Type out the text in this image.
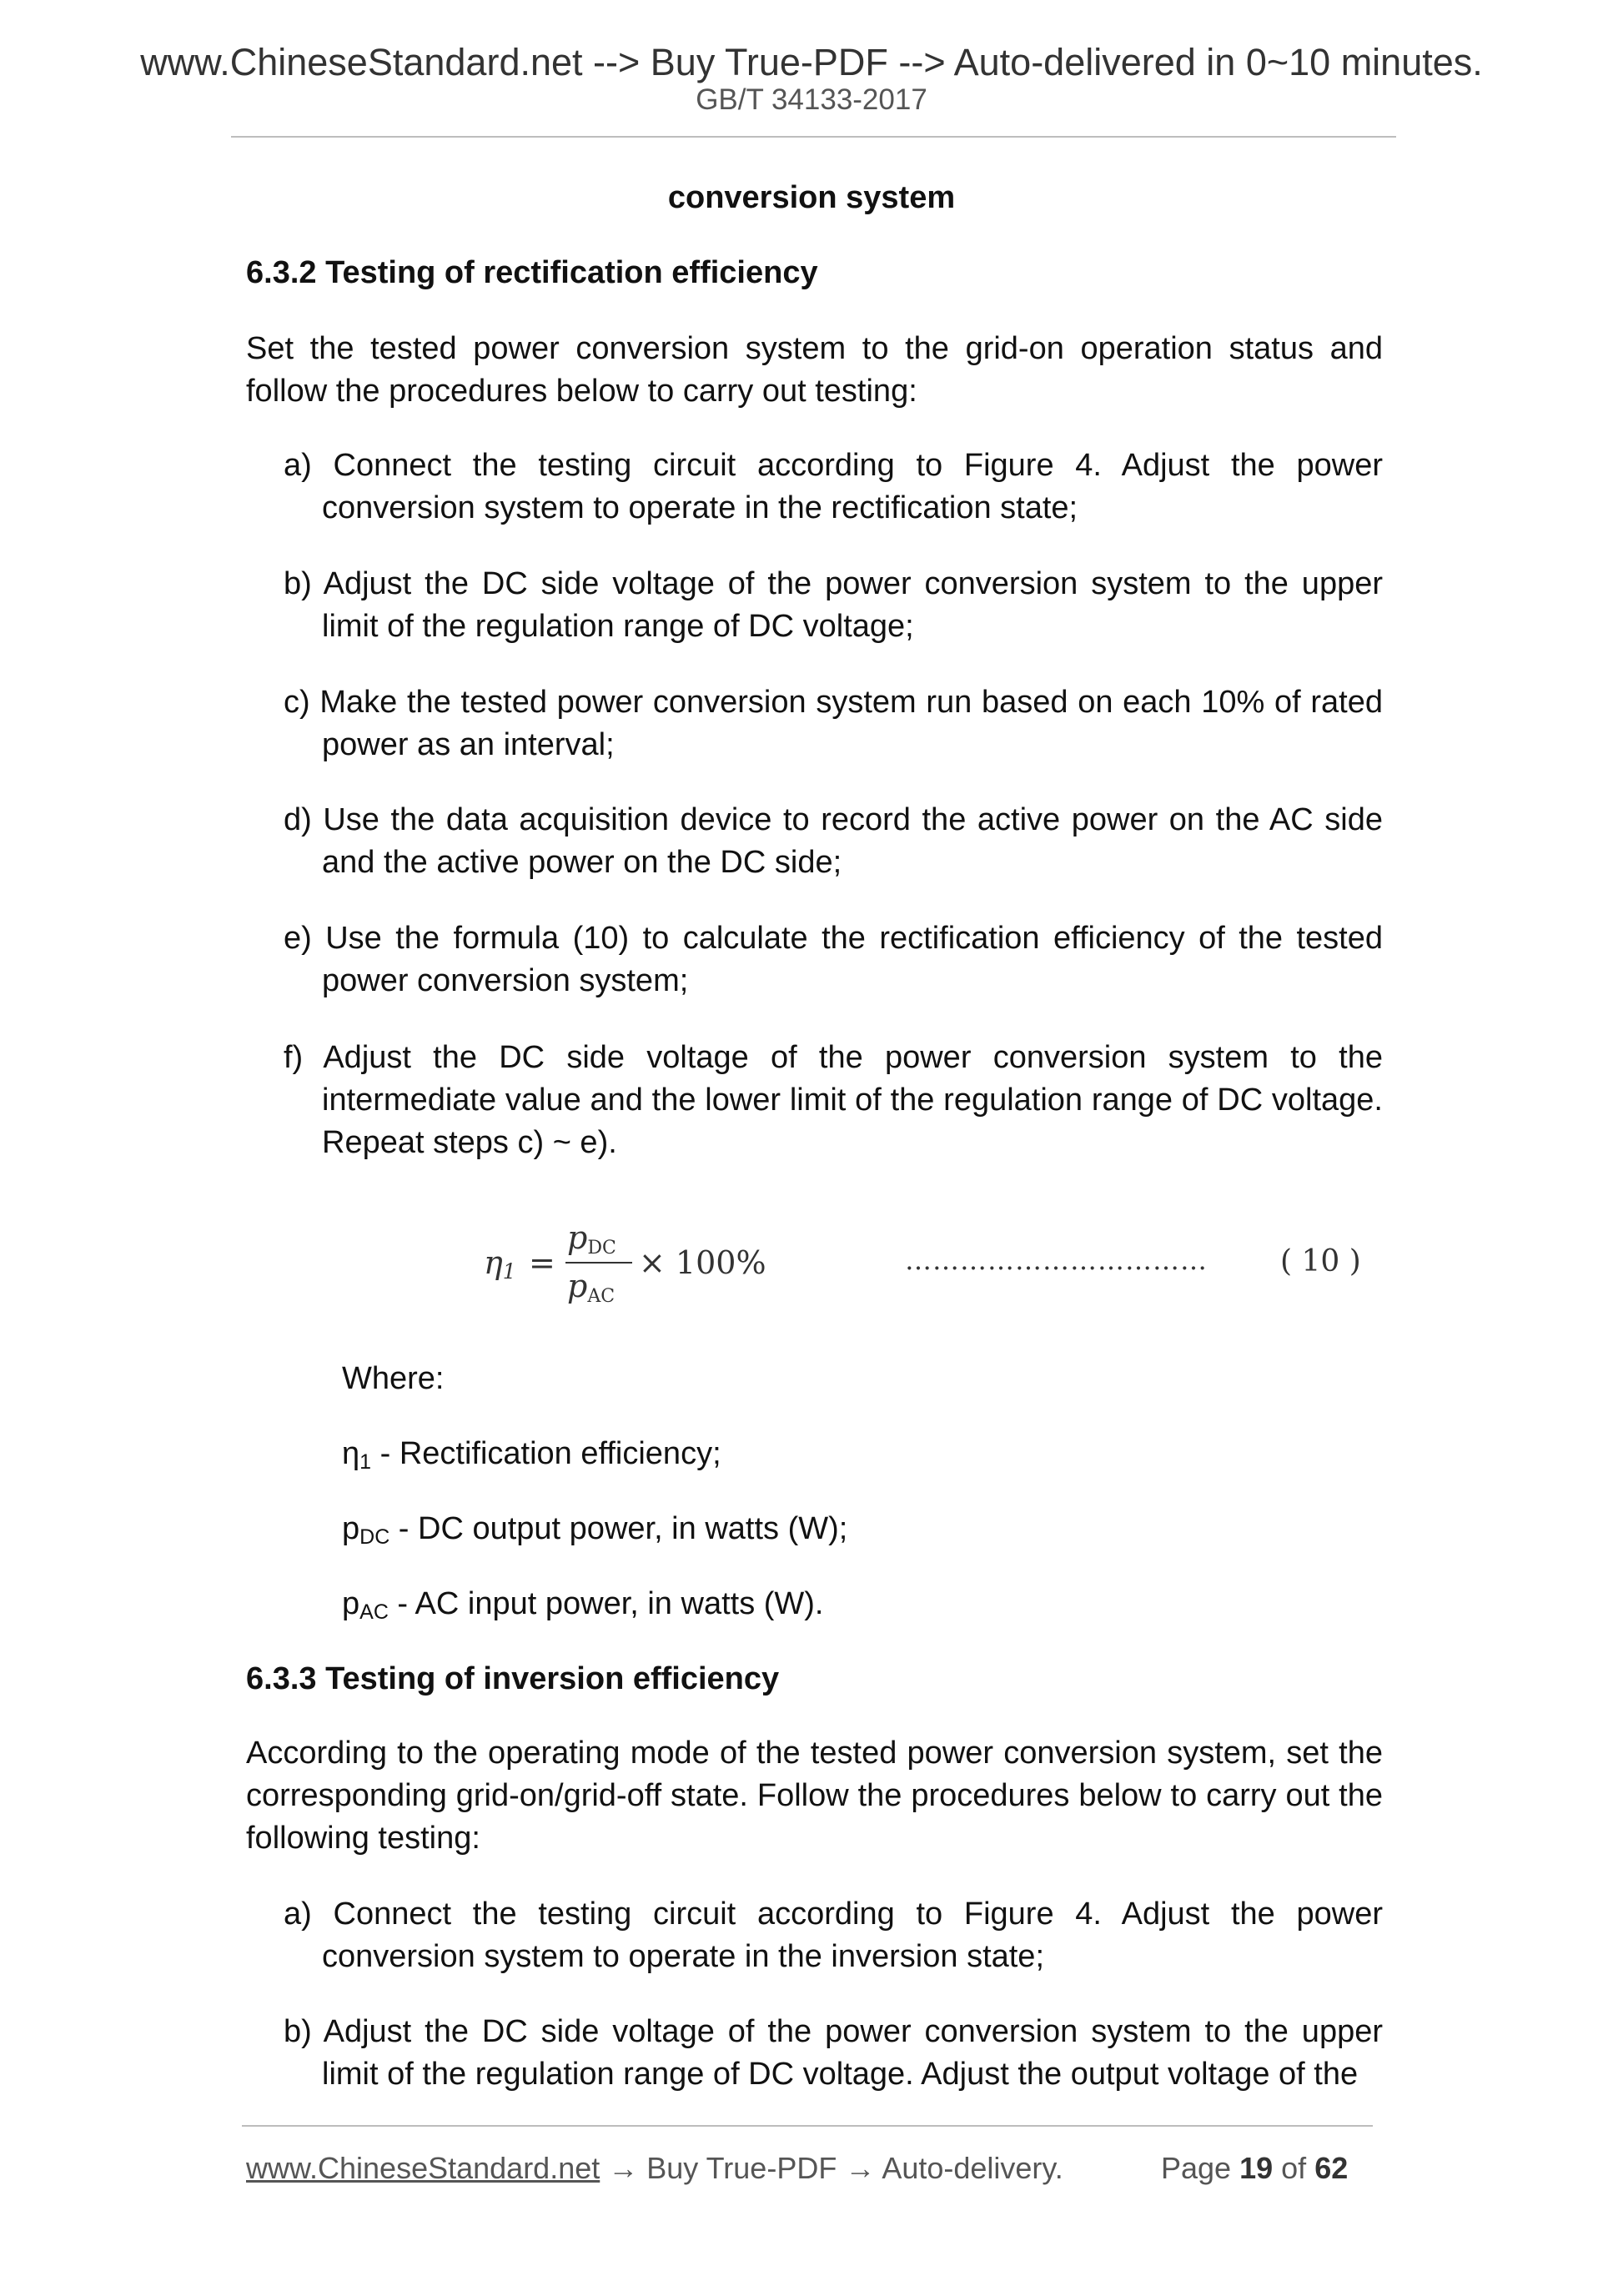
www.ChineseStandard.net --> Buy True-PDF --> Auto-delivered in 0~10 minutes.
GB/T 34133-2017
conversion system
6.3.2 Testing of rectification efficiency
Set the tested power conversion system to the grid-on operation status and follow the procedures below to carry out testing:
a) Connect the testing circuit according to Figure 4. Adjust the power conversion system to operate in the rectification state;
b) Adjust the DC side voltage of the power conversion system to the upper limit of the regulation range of DC voltage;
c) Make the tested power conversion system run based on each 10% of rated power as an interval;
d) Use the data acquisition device to record the active power on the AC side and the active power on the DC side;
e) Use the formula (10) to calculate the rectification efficiency of the tested power conversion system;
f) Adjust the DC side voltage of the power conversion system to the intermediate value and the lower limit of the regulation range of DC voltage. Repeat steps c) ~ e).
$\eta_1$ =
$p_{DC}$
$p_{AC}$
× 100%	…………………………… ( 10 )
Where:
$\eta_1$ - Rectification efficiency;
$p_{DC}$ - DC output power, in watts (W);
$p_{AC}$ - AC input power, in watts (W).
6.3.3 Testing of inversion efficiency
According to the operating mode of the tested power conversion system, set the corresponding grid-on/grid-off state. Follow the procedures below to carry out the following testing:
a) Connect the testing circuit according to Figure 4. Adjust the power conversion system to operate in the inversion state;
b) Adjust the DC side voltage of the power conversion system to the upper limit of the regulation range of DC voltage. Adjust the output voltage of the
www.ChineseStandard.net → Buy True-PDF → Auto-delivery.	Page 19 of 62
